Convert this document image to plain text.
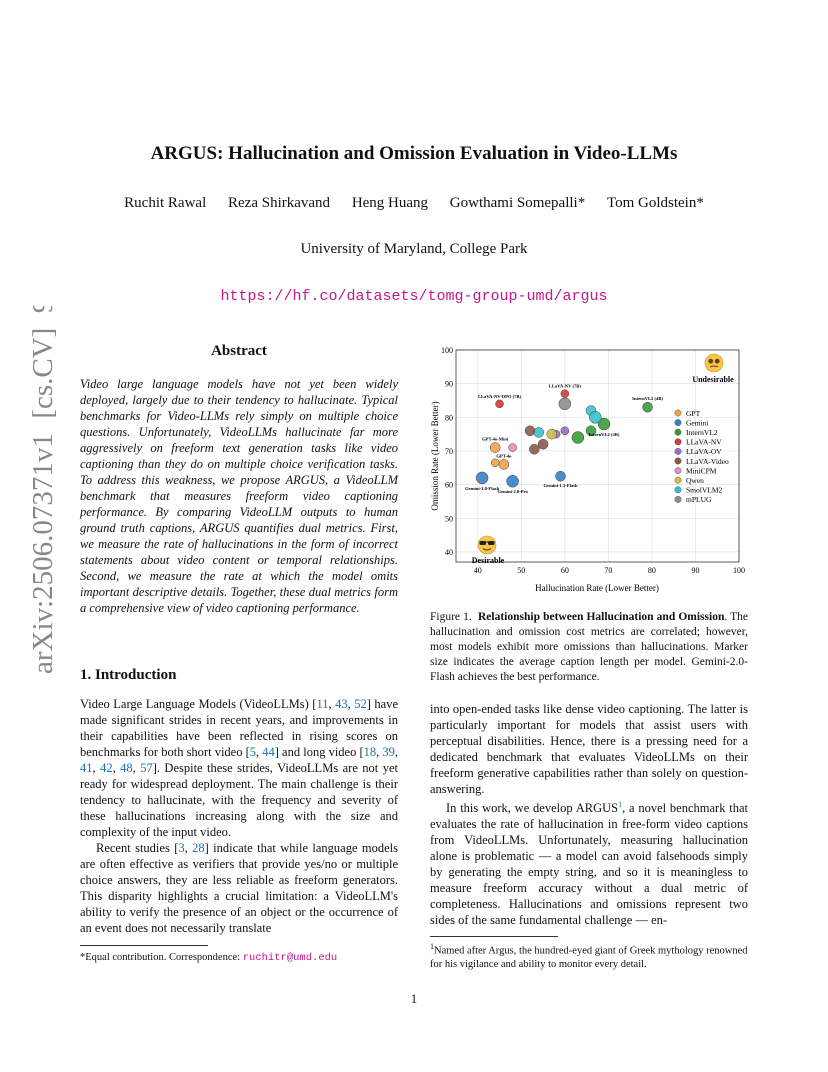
ARGUS: Hallucination and Omission Evaluation in Video-LLMs
Ruchit Rawal Reza Shirkavand Heng Huang Gowthami Somepalli* Tom Goldstein*
University of Maryland, College Park
https://hf.co/datasets/tomg-group-umd/argus
arXiv:2506.07371v1  [cs.CV]  9 Jun 2025	Abstract
Video large language models have not yet been widely deployed, largely due to their tendency to hallucinate. Typical benchmarks for Video-LLMs rely simply on multiple choice questions. Unfortunately, VideoLLMs hallucinate far more aggressively on freeform text generation tasks like video captioning than they do on multiple choice verification tasks. To address this weakness, we propose ARGUS, a VideoLLM benchmark that measures freeform video captioning performance. By comparing VideoLLM outputs to human ground truth captions, ARGUS quantifies dual metrics. First, we measure the rate of hallucinations in the form of incorrect statements about video content or temporal relationships. Second, we measure the rate at which the model omits important descriptive details. Together, these dual metrics form a comprehensive view of video captioning performance.
1. Introduction

Video Large Language Models (VideoLLMs) [11, 43, 52] have made significant strides in recent years, and improvements in their capabilities have been reflected in rising scores on benchmarks for both short video [5, 44] and long video [18, 39, 41, 42, 48, 57]. Despite these strides, VideoLLMs are not yet ready for widespread deployment. The main challenge is their tendency to hallucinate, with the frequency and severity of these hallucinations increasing along with the size and complexity of the input video.

Recent studies [3, 28] indicate that while language models are often effective as verifiers that provide yes/no or multiple choice answers, they are less reliable as freeform generators. This disparity highlights a crucial limitation: a VideoLLM's ability to verify the presence of an object or the occurrence of an event does not necessarily translate

*Equal contribution. Correspondence: ruchitr@umd.edu
40	50	60	70	80	90	100
40
50
60
70
80
90
100
Gemini-2.0-Flash
Gemini-2.0-Pro
Gemini-1.5-Flash
GPT-4o-Mini
GPT-4o
LLaVA-NV-DPO (7B)
LLaVA-NV (7B)
InternVL2 (4B)
InternVL2 (2B)
Hallucination Rate (Lower Better)
Omission Rate (Lower Better)
Undesirable
Desirable
GPT
Gemini
InternVL2
LLaVA-NV
LLaVA-OV
LLaVA-Video
MiniCPM
Qwen
SmolVLM2
mPLUG
Figure 1. Relationship between Hallucination and Omission. The hallucination and omission cost metrics are correlated; however, most models exhibit more omissions than hallucinations. Marker size indicates the average caption length per model. Gemini-2.0-Flash achieves the best performance.

into open-ended tasks like dense video captioning. The latter is particularly important for models that assist users with perceptual disabilities. Hence, there is a pressing need for a dedicated benchmark that evaluates VideoLLMs on their freeform generative capabilities rather than solely on question-answering.

In this work, we develop ARGUS$^1$, a novel benchmark that evaluates the rate of hallucination in free-form video captions from VideoLLMs. Unfortunately, measuring hallucination alone is problematic — a model can avoid falsehoods simply by generating the empty string, and so it is meaningless to measure freeform accuracy without a dual metric of completeness. Hallucinations and omissions represent two sides of the same fundamental challenge — en-

$^1$Named after Argus, the hundred-eyed giant of Greek mythology renowned for his vigilance and ability to monitor every detail.
1
